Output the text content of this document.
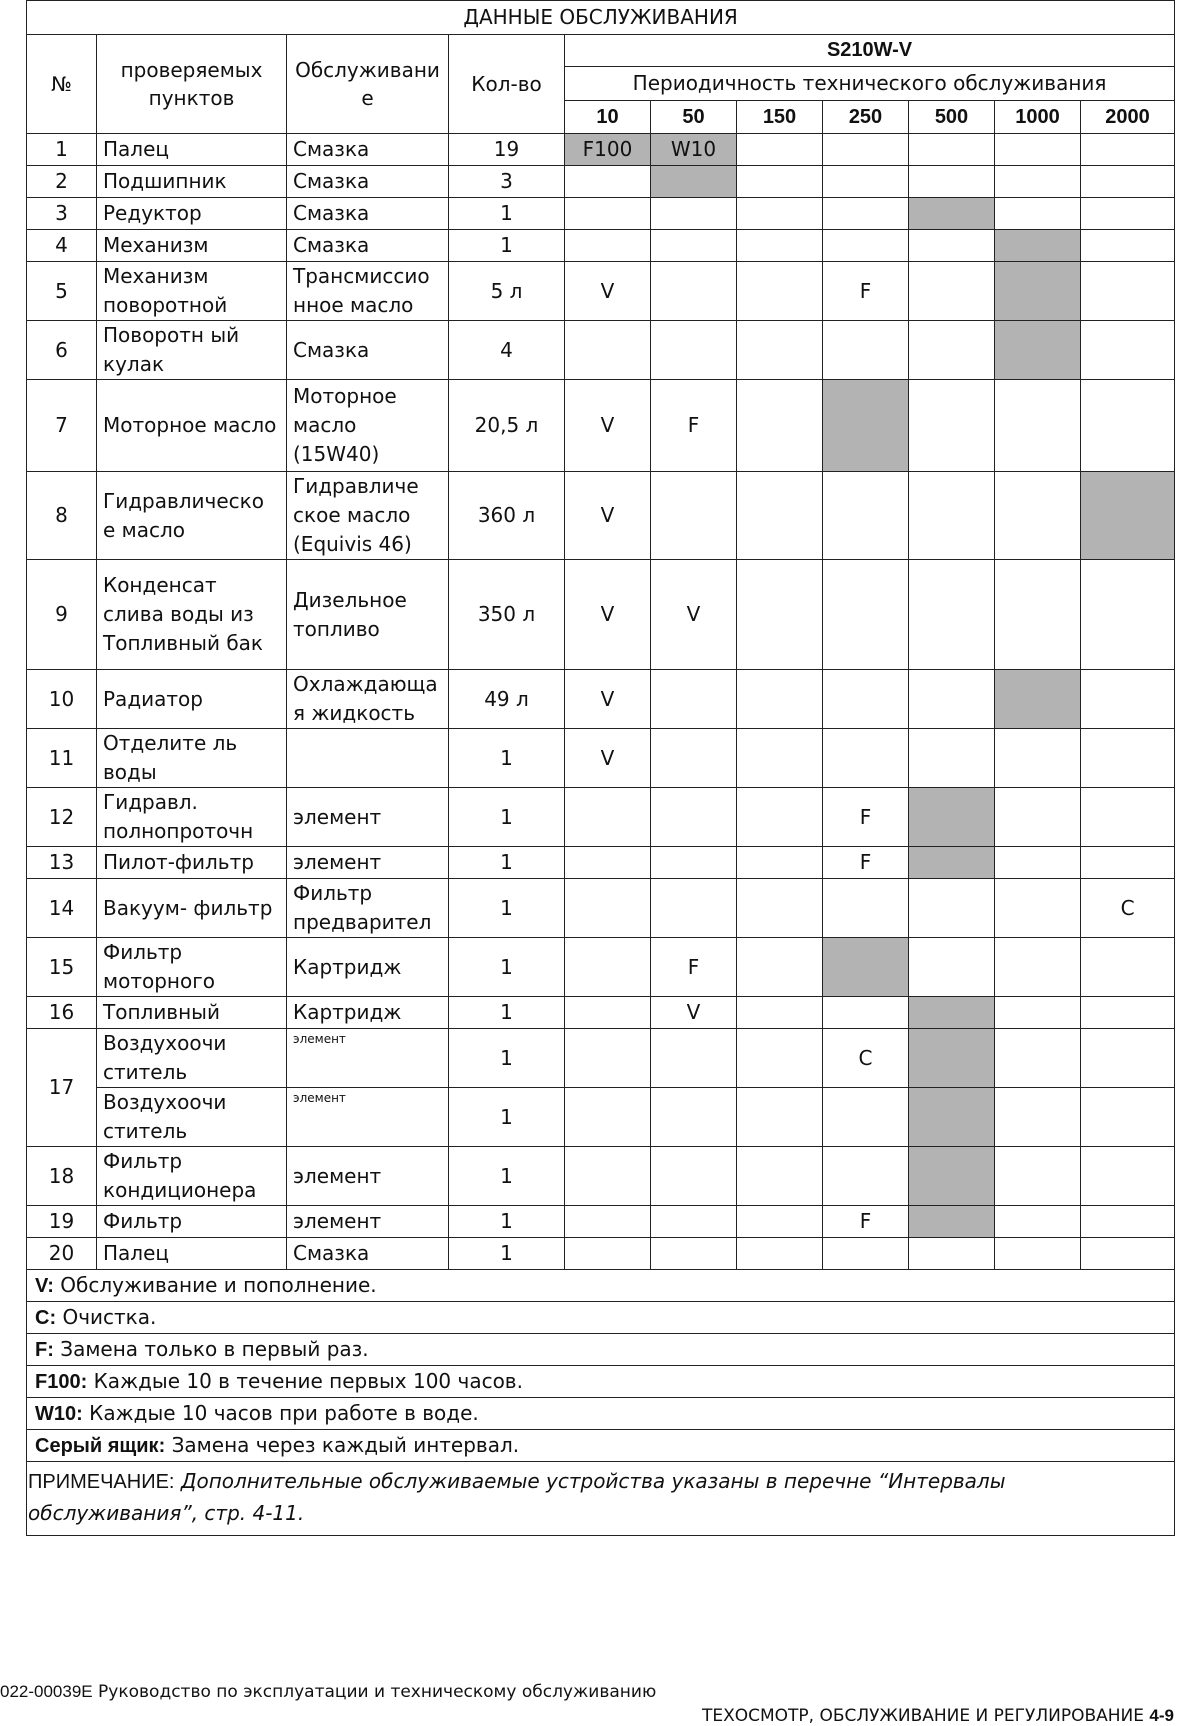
ДАННЫЕ ОБСЛУЖИВАНИЯ										
№	проверяемых пунктов	Обслуживани е	Кол-во	S210W-V						
				Периодичность технического обслуживания						
				10	50	150	250	500	1000	2000
1	Палец	Смазка	19	F100	W10					
2	Подшипник	Смазка	3							
3	Редуктор	Смазка	1							
4	Механизм	Смазка	1							
5	Механизм поворотной	Трансмиссио нное масло	5 л	V			F			
6	Поворотн ый кулак	Смазка	4							
7	Моторное масло	Моторное масло (15W40)	20,5 л	V	F					
8	Гидравлическо е масло	Гидравличе ское масло (Equivis 46)	360 л	V						
9	Конденсат слива воды из Топливный бак	Дизельное топливо	350 л	V	V					
10	Радиатор	Охлаждающа я жидкость	49 л	V						
11	Отделите ль воды		1	V						
12	Гидравл. полнопроточн	элемент	1				F			
13	Пилот-фильтр	элемент	1				F			
14	Вакуум- фильтр	Фильтр предварител	1							C
15	Фильтр моторного	Картридж	1		F					
16	Топливный	Картридж	1		V					
17	Воздухоочи ститель	элемент	1				C			
	Воздухоочи ститель	элемент	1							
18	Фильтр кондиционера	элемент	1							
19	Фильтр	элемент	1				F			
20	Палец	Смазка	1							
V: Обслуживание и пополнение.										
C: Очистка.										
F: Замена только в первый раз.										
F100: Каждые 10 в течение первых 100 часов.										
W10: Каждые 10 часов при работе в воде.										
Серый ящик: Замена через каждый интервал.										
ПРИМЕЧАНИЕ: Дополнительные обслуживаемые устройства указаны в перечне “Интервалы обслуживания”, стр. 4-11.										
022-00039E Руководство по эксплуатации и техническому обслуживанию
ТЕХОСМОТР, ОБСЛУЖИВАНИЕ И РЕГУЛИРОВАНИЕ 4-9
